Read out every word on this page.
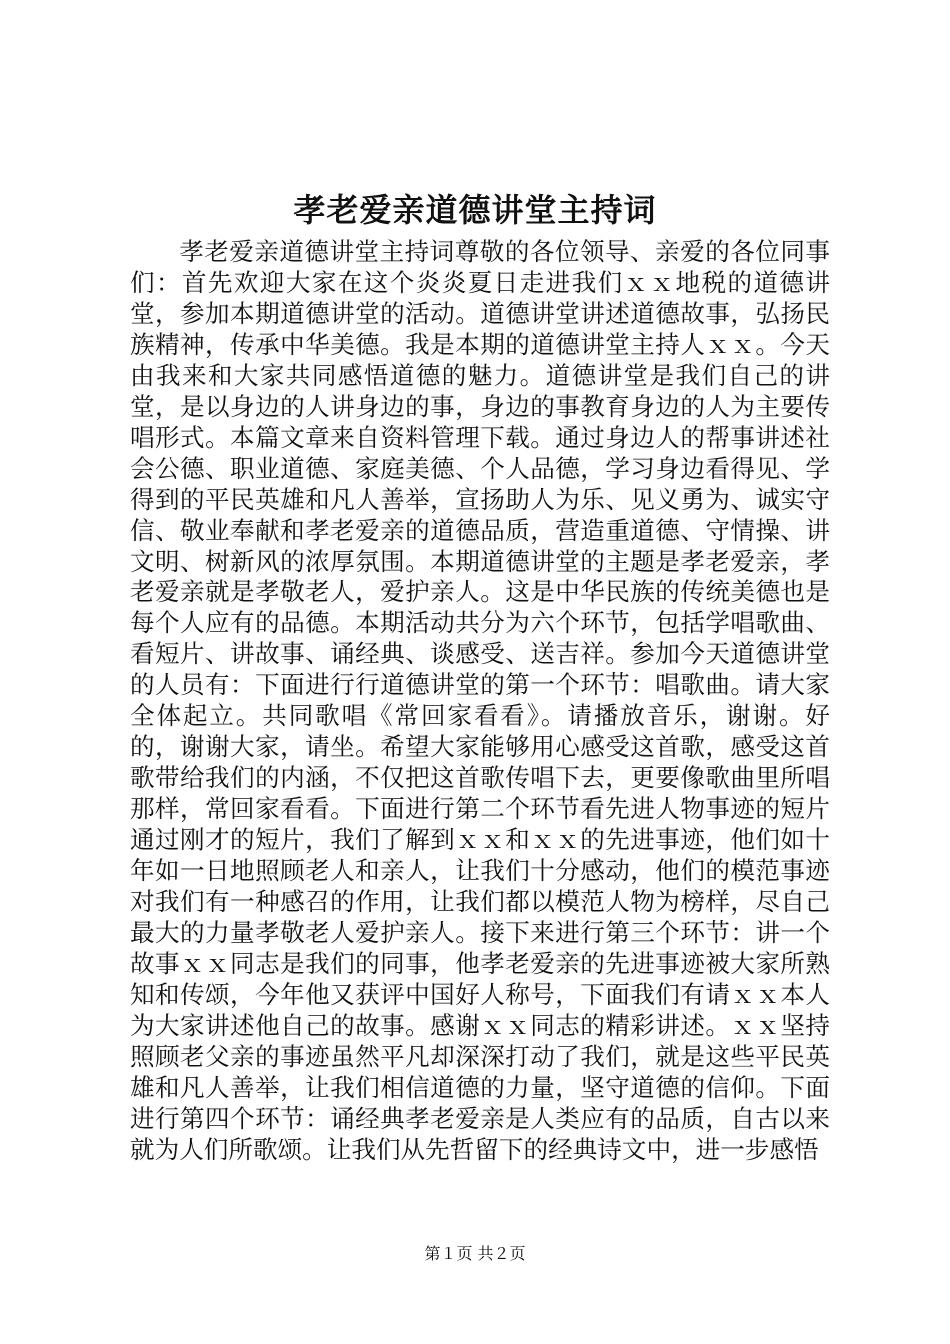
孝老爱亲道德讲堂主持词

孝老爱亲道德讲堂主持词尊敬的各位领导、亲爱的各位同事们：首先欢迎大家在这个炎炎夏日走进我们ｘｘ地税的道德讲堂，参加本期道德讲堂的活动。道德讲堂讲述道德故事，弘扬民族精神，传承中华美德。我是本期的道德讲堂主持人ｘｘ。今天由我来和大家共同感悟道德的魅力。道德讲堂是我们自己的讲堂，是以身边的人讲身边的事，身边的事教育身边的人为主要传唱形式。本篇文章来自资料管理下载。通过身边人的帮事讲述社会公德、职业道德、家庭美德、个人品德，学习身边看得见、学得到的平民英雄和凡人善举，宣扬助人为乐、见义勇为、诚实守信、敬业奉献和孝老爱亲的道德品质，营造重道德、守情操、讲文明、树新风的浓厚氛围。本期道德讲堂的主题是孝老爱亲，孝老爱亲就是孝敬老人，爱护亲人。这是中华民族的传统美德也是每个人应有的品德。本期活动共分为六个环节，包括学唱歌曲、看短片、讲故事、诵经典、谈感受、送吉祥。参加今天道德讲堂的人员有：下面进行行道德讲堂的第一个环节：唱歌曲。请大家全体起立。共同歌唱《常回家看看》。请播放音乐，谢谢。好的，谢谢大家，请坐。希望大家能够用心感受这首歌，感受这首歌带给我们的内涵，不仅把这首歌传唱下去，更要像歌曲里所唱那样，常回家看看。下面进行第二个环节看先进人物事迹的短片通过刚才的短片，我们了解到ｘｘ和ｘｘ的先进事迹，他们如十年如一日地照顾老人和亲人，让我们十分感动，他们的模范事迹对我们有一种感召的作用，让我们都以模范人物为榜样，尽自己最大的力量孝敬老人爱护亲人。接下来进行第三个环节：讲一个故事ｘｘ同志是我们的同事，他孝老爱亲的先进事迹被大家所熟知和传颂，今年他又获评中国好人称号，下面我们有请ｘｘ本人为大家讲述他自己的故事。感谢ｘｘ同志的精彩讲述。ｘｘ坚持照顾老父亲的事迹虽然平凡却深深打动了我们，就是这些平民英雄和凡人善举，让我们相信道德的力量，坚守道德的信仰。下面进行第四个环节：诵经典孝老爱亲是人类应有的品质，自古以来就为人们所歌颂。让我们从先哲留下的经典诗文中，进一步感悟

第１页 共２页
